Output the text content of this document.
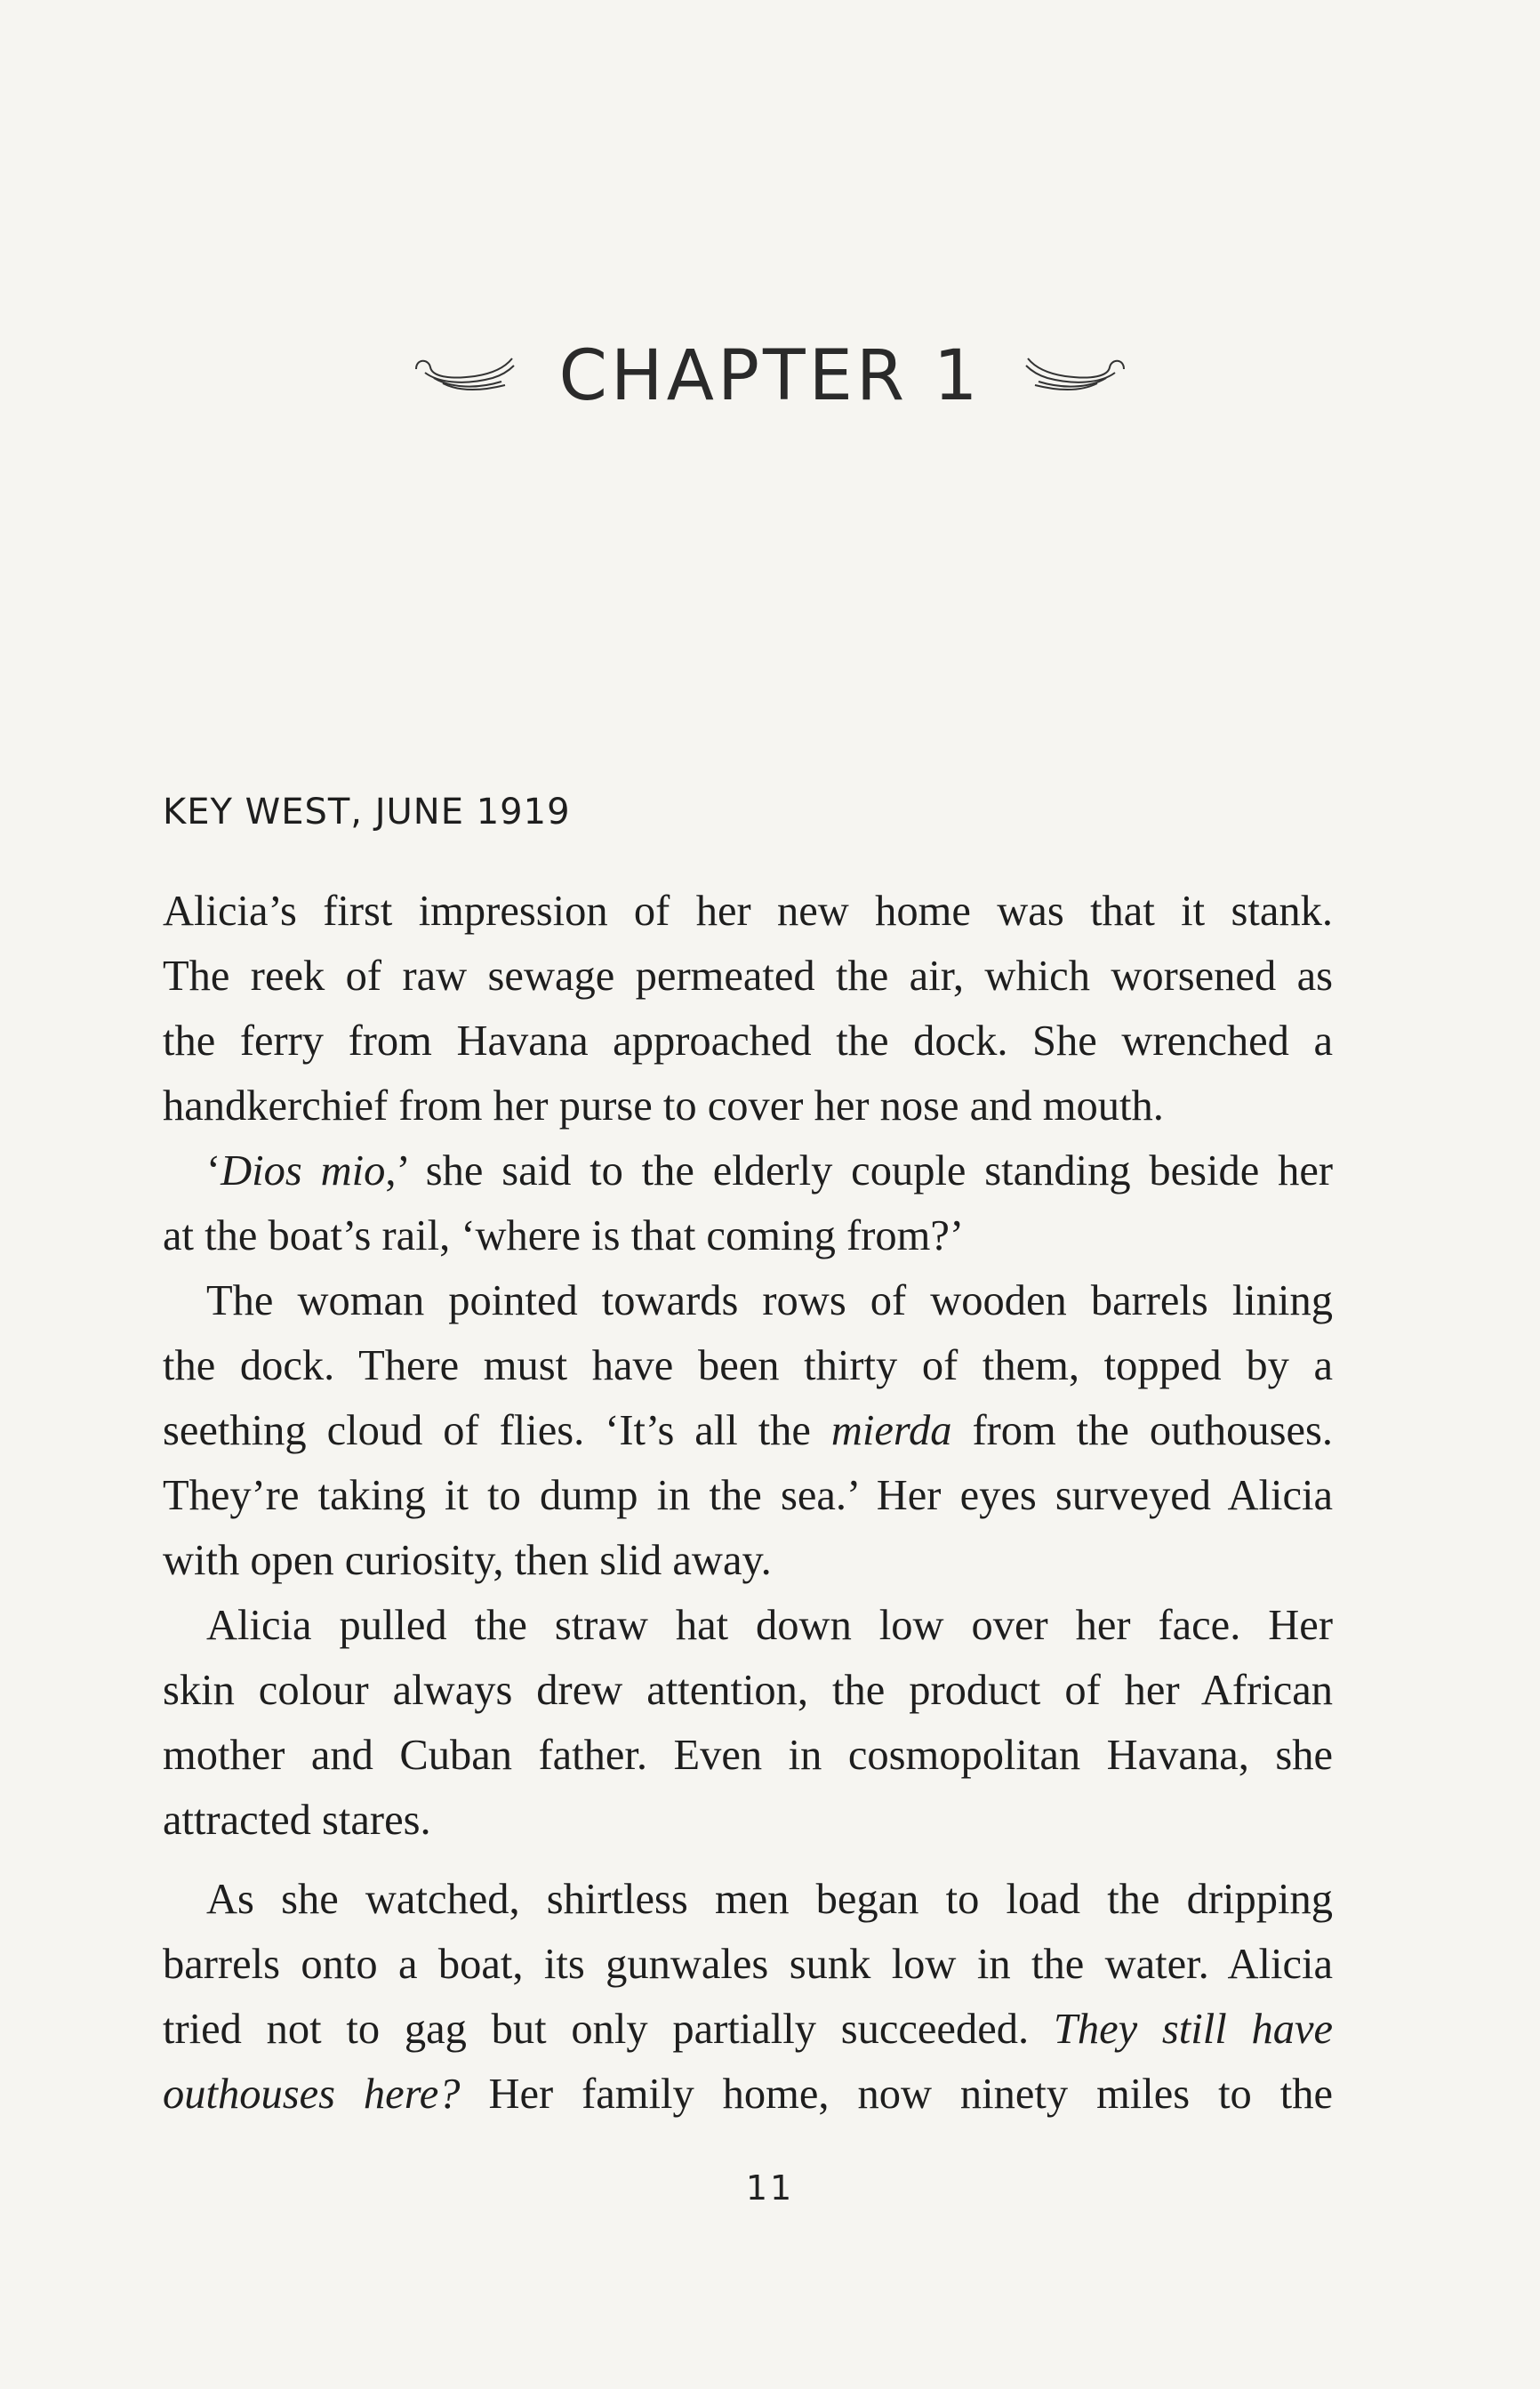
CHAPTER 1

KEY WEST, JUNE 1919

Alicia’s first impression of her new home was that it stank.
The reek of raw sewage permeated the air, which worsened as
the ferry from Havana approached the dock. She wrenched a
handkerchief from her purse to cover her nose and mouth.

‘Dios mio,’ she said to the elderly couple standing beside her
at the boat’s rail, ‘where is that coming from?’

The woman pointed towards rows of wooden barrels lining
the dock. There must have been thirty of them, topped by a
seething cloud of flies. ‘It’s all the mierda from the outhouses.
They’re taking it to dump in the sea.’ Her eyes surveyed Alicia
with open curiosity, then slid away.

Alicia pulled the straw hat down low over her face. Her
skin colour always drew attention, the product of her African
mother and Cuban father. Even in cosmopolitan Havana, she
attracted stares.

As she watched, shirtless men began to load the dripping
barrels onto a boat, its gunwales sunk low in the water. Alicia
tried not to gag but only partially succeeded. They still have
outhouses here? Her family home, now ninety miles to the

11
